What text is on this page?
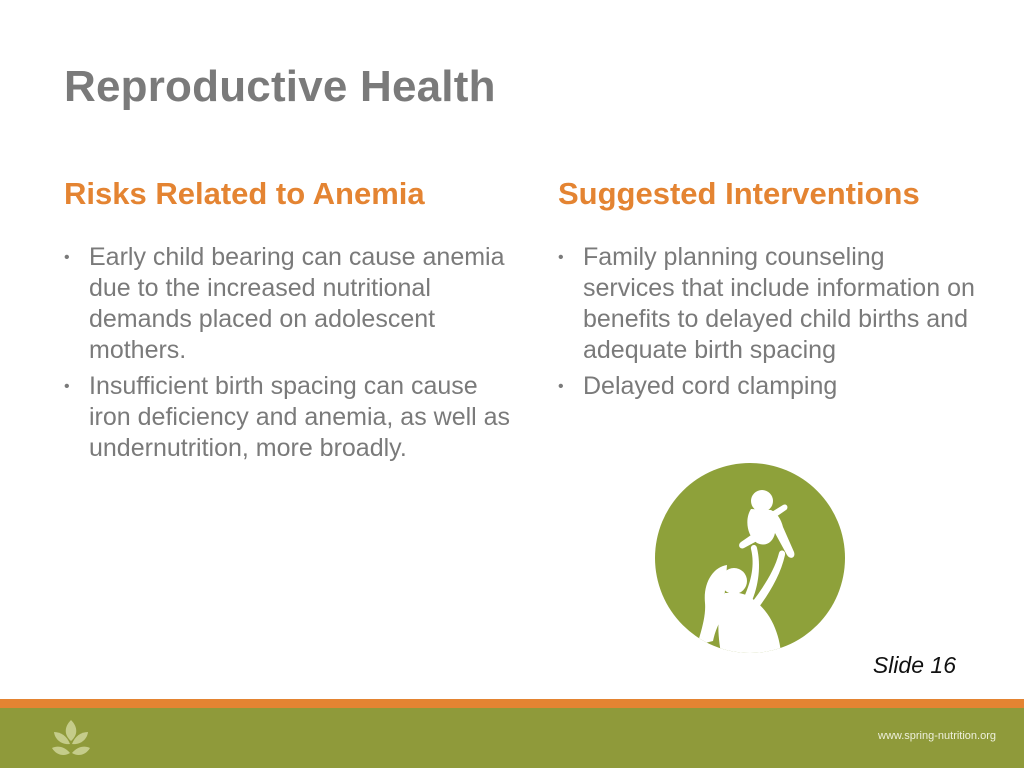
Reproductive Health
Risks Related to Anemia
• Early child bearing can cause anemia due to the increased nutritional demands placed on adolescent mothers.
• Insufficient birth spacing can cause iron deficiency and anemia, as well as undernutrition, more broadly.
Suggested Interventions
• Family planning counseling services that include information on benefits to delayed child births and adequate birth spacing
• Delayed cord clamping
Slide 16
www.spring-nutrition.org
